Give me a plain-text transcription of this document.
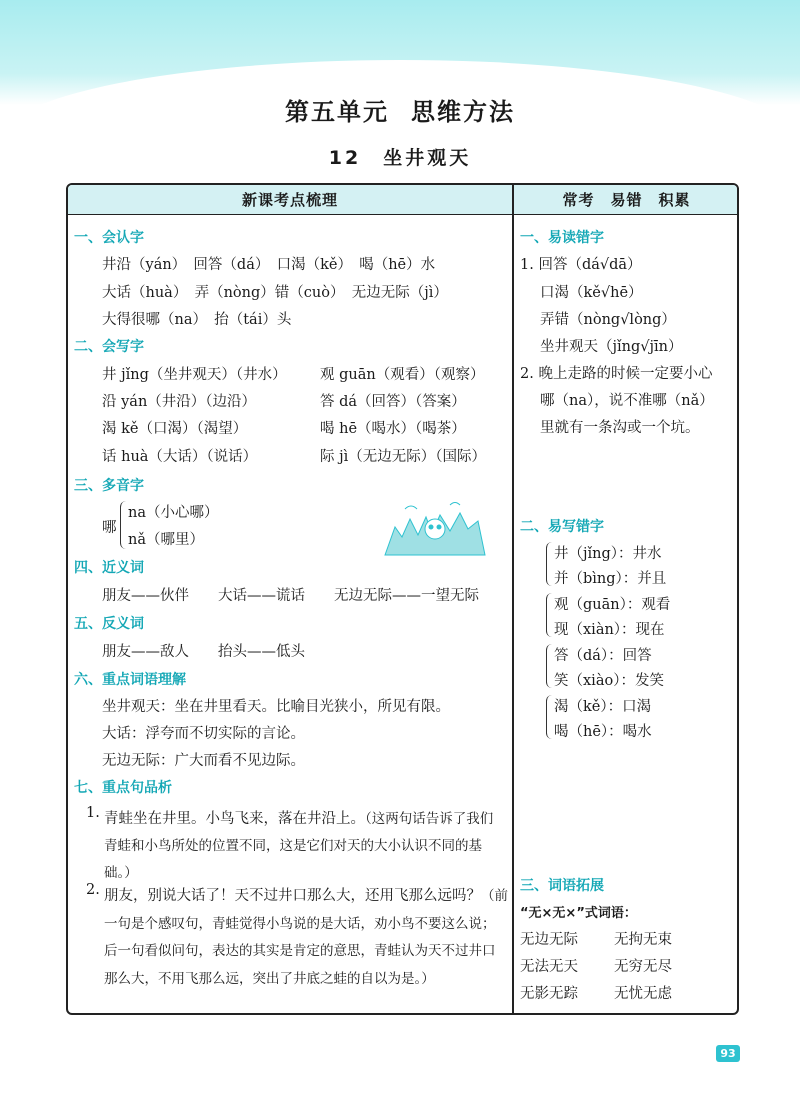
第五单元 思维方法
12 坐井观天
新课考点梳理	常考 易错 积累
一、会认字
井沿（yán）　回答（dá）　口渴（kě）　喝（hē）水
大话（huà）　弄（nòng）错（cuò）　无边无际（jì）
大得很哪（na）　抬（tái）头
二、会写字
井 jǐng（坐井观天）（井水）
沿 yán（井沿）（边沿）
渴 kě（口渴）（渴望）
话 huà（大话）（说话）
观 guān（观看）（观察）
答 dá（回答）（答案）
喝 hē（喝水）（喝茶）
际 jì（无边无际）（国际）
三、多音字
哪
na（小心哪）
nǎ（哪里）
四、近义词
朋友——伙伴　　大话——谎话　　无边无际——一望无际
五、反义词
朋友——敌人　　抬头——低头
六、重点词语理解
坐井观天：坐在井里看天。比喻目光狭小，所见有限。
大话：浮夸而不切实际的言论。
无边无际：广大而看不见边际。
七、重点句品析
1. 青蛙坐在井里。小鸟飞来，落在井沿上。（这两句话告诉了我们青蛙和小鸟所处的位置不同，这是它们对天的大小认识不同的基础。）
2. 朋友，别说大话了！天不过井口那么大，还用飞那么远吗？（前一句是个感叹句，青蛙觉得小鸟说的是大话，劝小鸟不要这么说；后一句看似问句，表达的其实是肯定的意思，青蛙认为天不过井口那么大，不用飞那么远，突出了井底之蛙的自以为是。）
一、易读错字
1. 回答（dá√dā）
口渴（kě√hē）
弄错（nòng√lòng）
坐井观天（jǐng√jīn）
2. 晚上走路的时候一定要小心
哪（na），说不准哪（nǎ）
里就有一条沟或一个坑。
二、易写错字
井（jǐng）：井水
并（bìng）：并且
观（guān）：观看
现（xiàn）：现在
答（dá）：回答
笑（xiào）：发笑
渴（kě）：口渴
喝（hē）：喝水
三、词语拓展
“无×无×”式词语：
无边无际 无拘无束
无法无天 无穷无尽
无影无踪 无忧无虑
93
